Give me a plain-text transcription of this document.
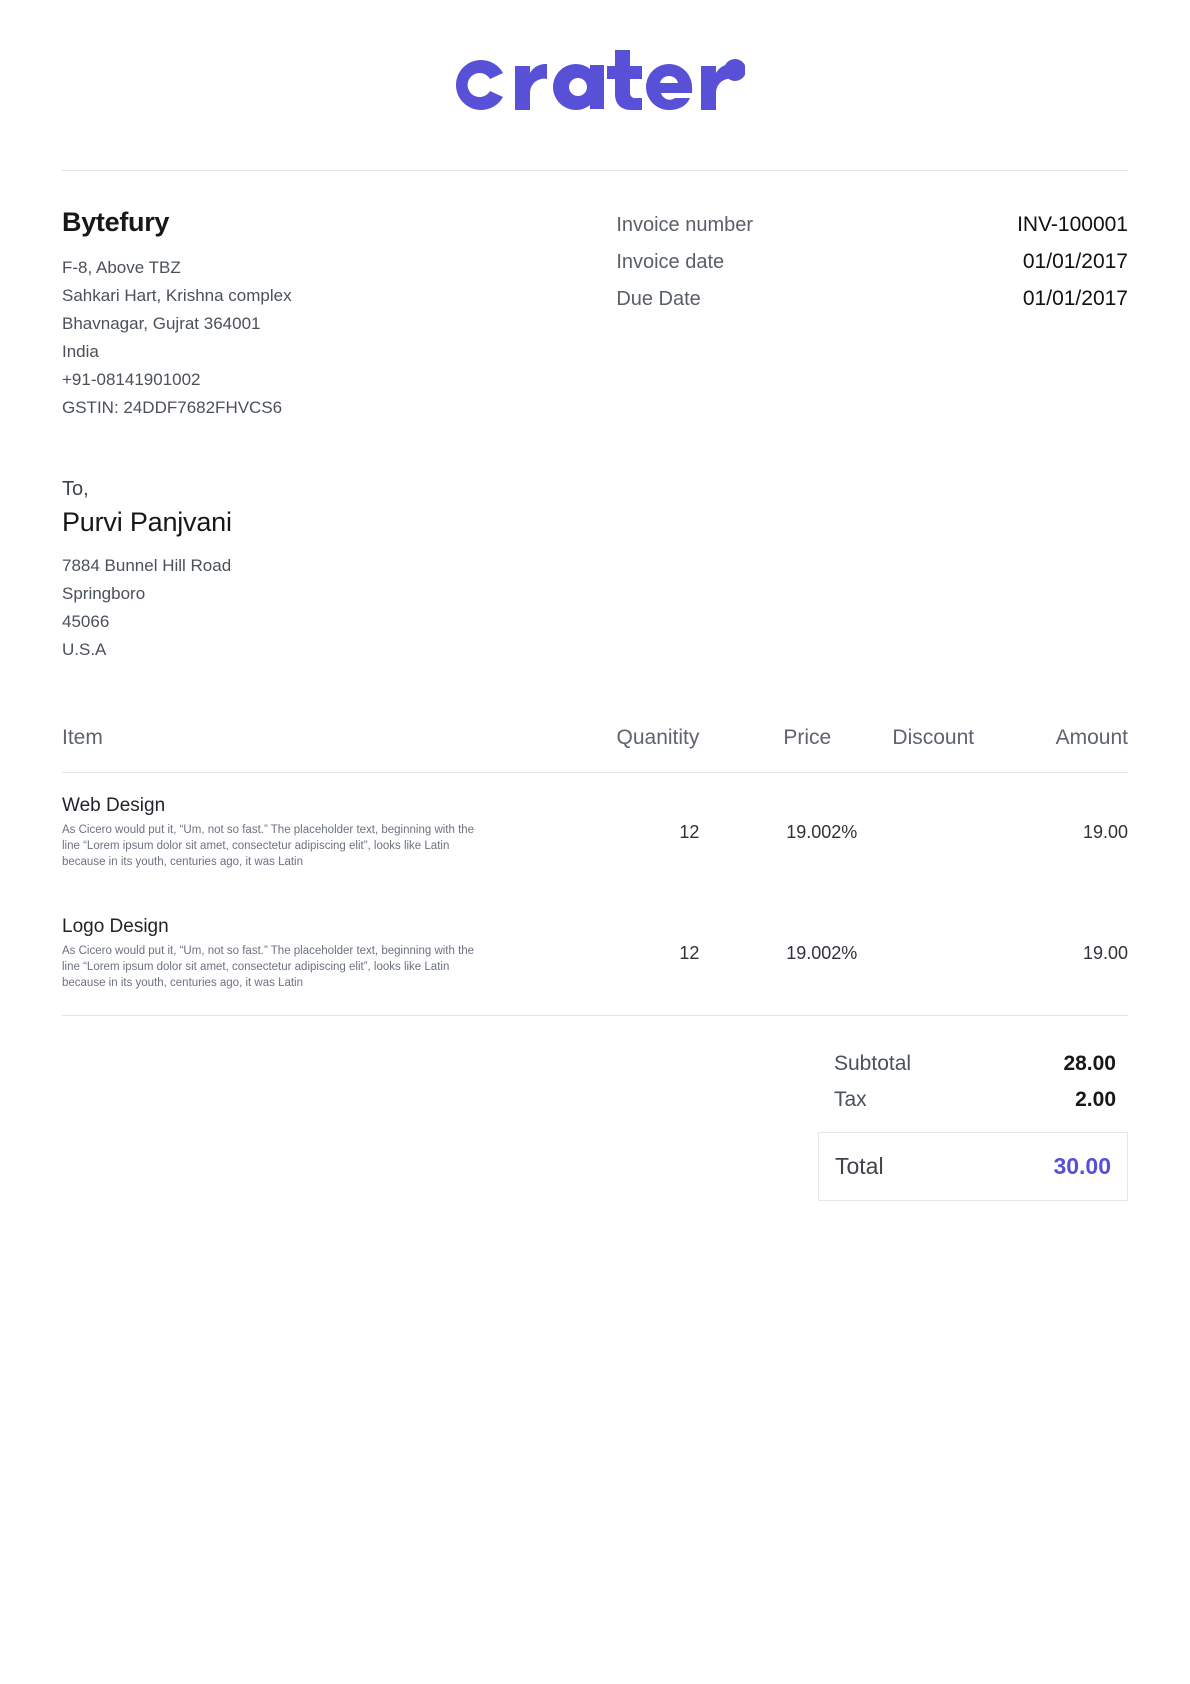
Bytefury
F-8, Above TBZ
Sahkari Hart, Krishna complex
Bhavnagar, Gujrat 364001
India
+91-08141901002
GSTIN: 24DDF7682FHVCS6
Invoice number	INV-100001
Invoice date	01/01/2017
Due Date	01/01/2017
To,
Purvi Panjvani
7884 Bunnel Hill Road
Springboro
45066
U.S.A
Item	Quanitity	Price	Discount	Amount

Web Design
As Cicero would put it, “Um, not so fast.” The placeholder text, beginning with the line “Lorem ipsum dolor sit amet, consectetur adipiscing elit”, looks like Latin because in its youth, centuries ago, it was Latin	12	19.00	2%	19.00

Logo Design
As Cicero would put it, “Um, not so fast.” The placeholder text, beginning with the line “Lorem ipsum dolor sit amet, consectetur adipiscing elit”, looks like Latin because in its youth, centuries ago, it was Latin	12	19.00	2%	19.00
Subtotal	28.00
Tax	2.00
Total	30.00
